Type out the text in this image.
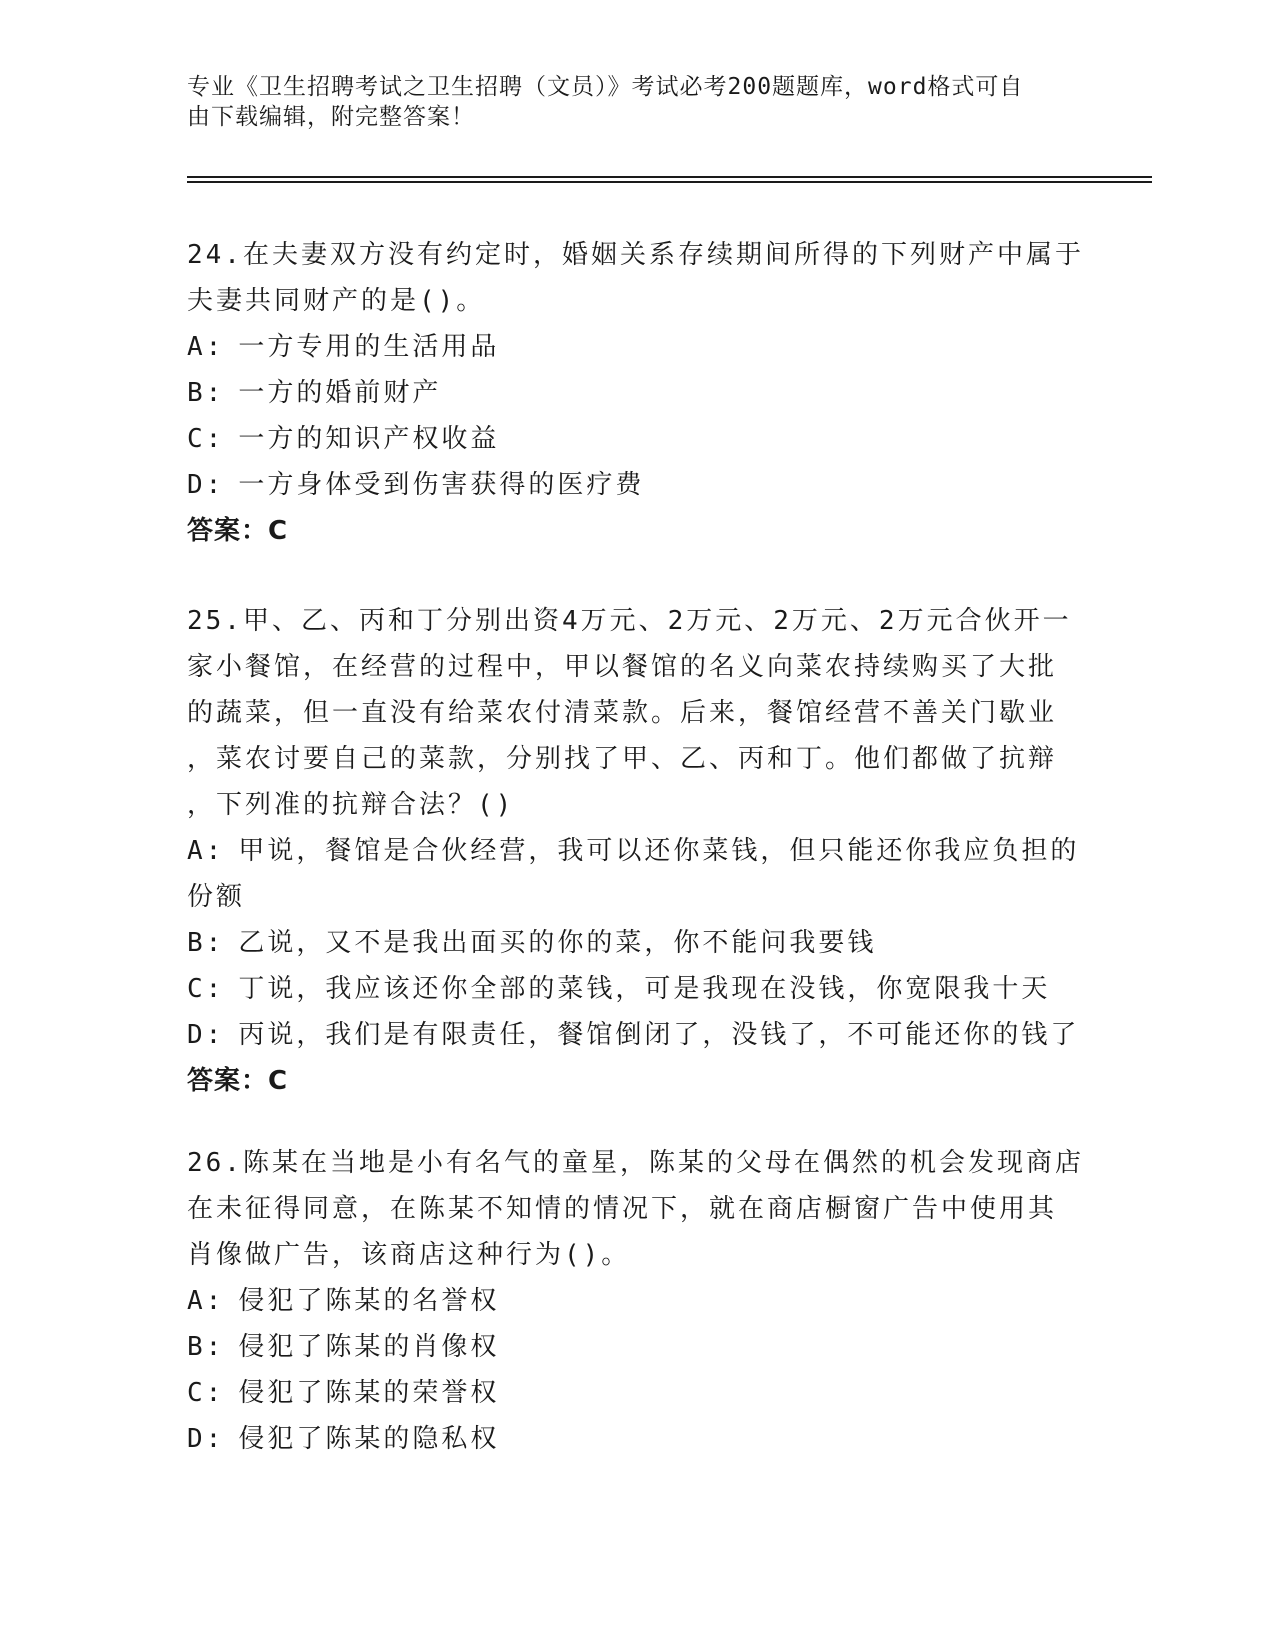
专业《卫生招聘考试之卫生招聘（文员）》考试必考200题题库，word格式可自
由下载编辑，附完整答案！
24.在夫妻双方没有约定时，婚姻关系存续期间所得的下列财产中属于
夫妻共同财产的是()。
A: 一方专用的生活用品
B: 一方的婚前财产
C: 一方的知识产权收益
D: 一方身体受到伤害获得的医疗费
答案：C
25.甲、乙、丙和丁分别出资4万元、2万元、2万元、2万元合伙开一
家小餐馆，在经营的过程中，甲以餐馆的名义向菜农持续购买了大批
的蔬菜，但一直没有给菜农付清菜款。后来，餐馆经营不善关门歇业
，菜农讨要自己的菜款，分别找了甲、乙、丙和丁。他们都做了抗辩
，下列准的抗辩合法？()
A: 甲说，餐馆是合伙经营，我可以还你菜钱，但只能还你我应负担的
份额
B: 乙说，又不是我出面买的你的菜，你不能问我要钱
C: 丁说，我应该还你全部的菜钱，可是我现在没钱，你宽限我十天
D: 丙说，我们是有限责任，餐馆倒闭了，没钱了，不可能还你的钱了
答案：C
26.陈某在当地是小有名气的童星，陈某的父母在偶然的机会发现商店
在未征得同意，在陈某不知情的情况下，就在商店橱窗广告中使用其
肖像做广告，该商店这种行为()。
A: 侵犯了陈某的名誉权
B: 侵犯了陈某的肖像权
C: 侵犯了陈某的荣誉权
D: 侵犯了陈某的隐私权
